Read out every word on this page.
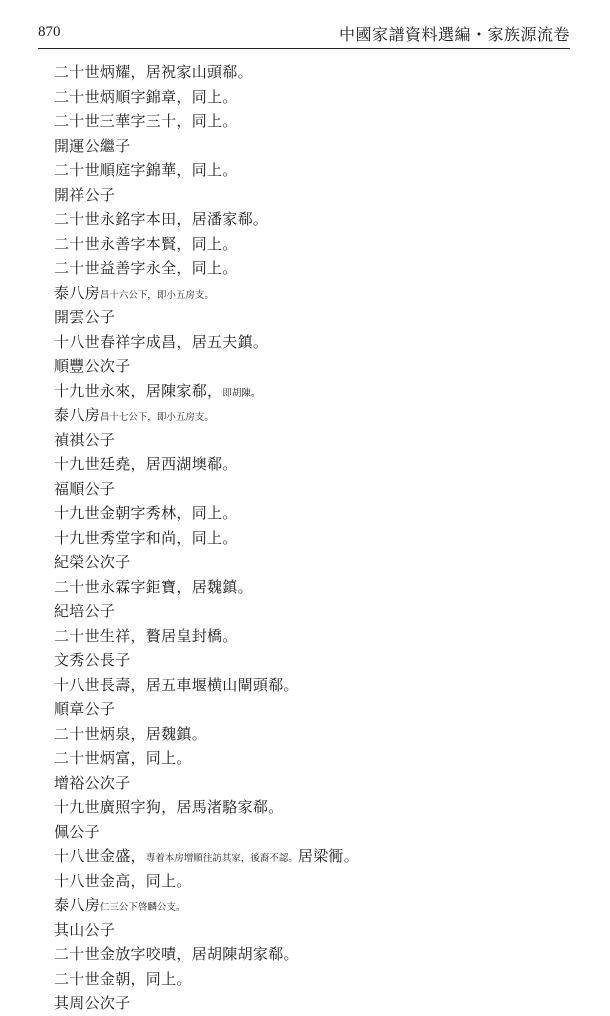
870	中國家譜資料選編・家族源流卷
二十世炳耀，居祝家山頭郗。
二十世炳順字錦章，同上。
二十世三華字三十，同上。
開運公繼子
二十世順庭字錦華，同上。
開祥公子
二十世永銘字本田，居潘家郗。
二十世永善字本賢，同上。
二十世益善字永全，同上。
泰八房昌十六公下，即小五房支。
開雲公子
十八世春祥字成昌，居五夫鎮。
順豐公次子
十九世永來，居陳家郗，即胡陳。
泰八房昌十七公下，即小五房支。
禎祺公子
十九世廷堯，居西湖墺郗。
福順公子
十九世金朝字秀林，同上。
十九世秀堂字和尚，同上。
紀榮公次子
二十世永霖字鉅寶，居魏鎮。
紀培公子
二十世生祥，贅居皇封橋。
文秀公長子
十八世長壽，居五車堰横山閘頭郗。
順章公子
二十世炳泉，居魏鎮。
二十世炳富，同上。
增裕公次子
十九世廣照字狗，居馬渚駱家郗。
佩公子
十八世金盛，專着本房增順往訪其家，後裔不認。居梁衕。
十八世金高，同上。
泰八房仁三公下啓麟公支。
其山公子
二十世金放字咬嘖，居胡陳胡家郗。
二十世金朝，同上。
其周公次子
